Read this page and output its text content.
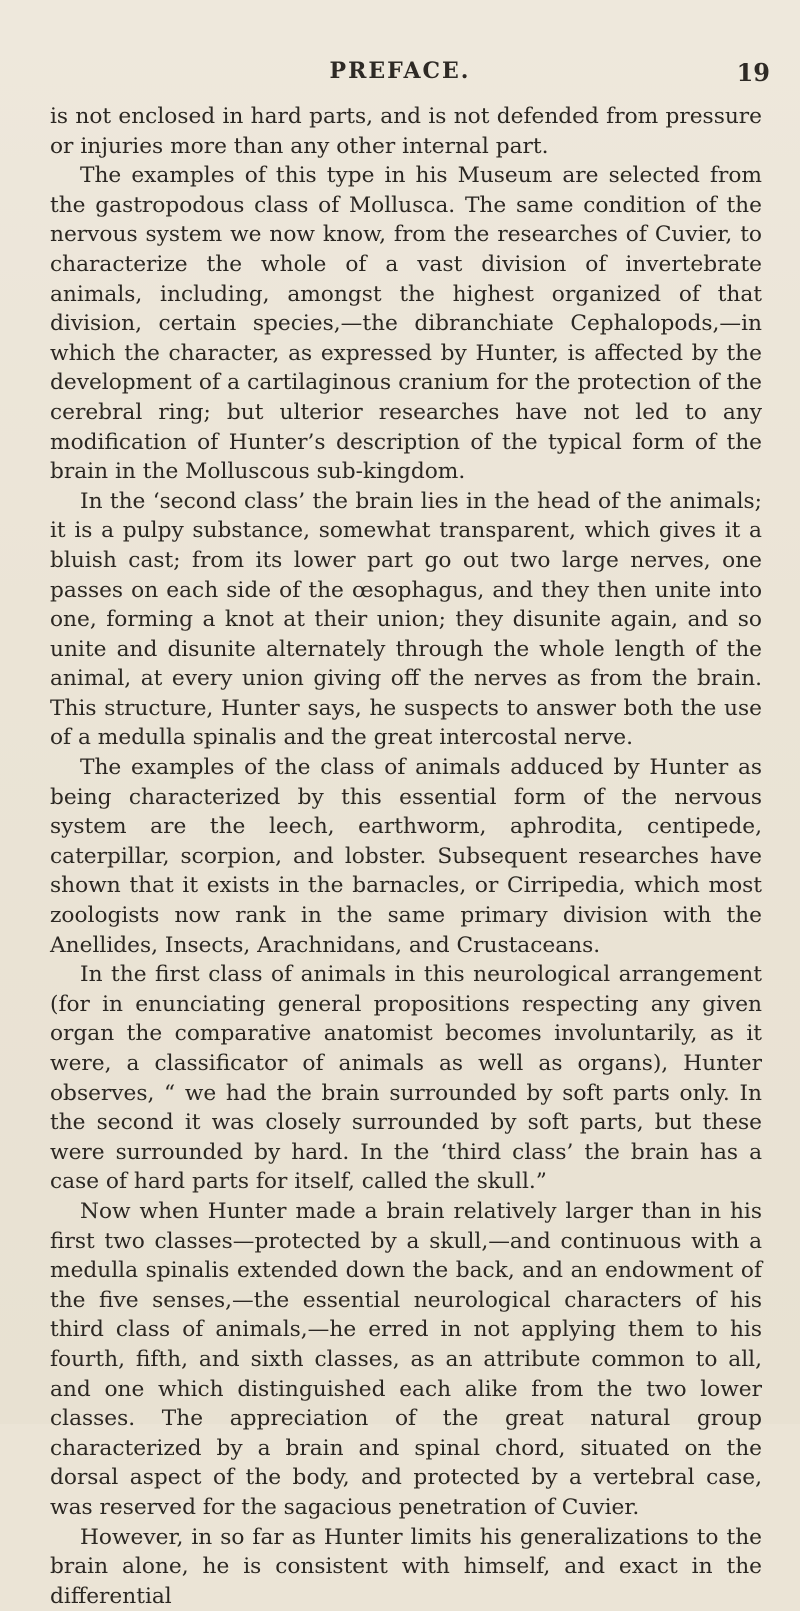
PREFACE.	19

is not enclosed in hard parts, and is not defended from pressure or injuries more than any other internal part.

The examples of this type in his Museum are selected from the gastropodous class of Mollusca. The same condition of the nervous system we now know, from the researches of Cuvier, to characterize the whole of a vast division of invertebrate animals, including, amongst the highest organized of that division, certain species,—the dibranchiate Cephalopods,—in which the character, as expressed by Hunter, is affected by the development of a cartilaginous cranium for the protection of the cerebral ring; but ulterior researches have not led to any modification of Hunter’s description of the typical form of the brain in the Molluscous sub-kingdom.

In the ‘second class’ the brain lies in the head of the animals; it is a pulpy substance, somewhat transparent, which gives it a bluish cast; from its lower part go out two large nerves, one passes on each side of the œsophagus, and they then unite into one, forming a knot at their union; they disunite again, and so unite and disunite alternately through the whole length of the animal, at every union giving off the nerves as from the brain. This structure, Hunter says, he suspects to answer both the use of a medulla spinalis and the great intercostal nerve.

The examples of the class of animals adduced by Hunter as being characterized by this essential form of the nervous system are the leech, earthworm, aphrodita, centipede, caterpillar, scorpion, and lobster. Subsequent researches have shown that it exists in the barnacles, or Cirripedia, which most zoologists now rank in the same primary division with the Anellides, Insects, Arachnidans, and Crustaceans.

In the first class of animals in this neurological arrangement (for in enunciating general propositions respecting any given organ the comparative anatomist becomes involuntarily, as it were, a classificator of animals as well as organs), Hunter observes, “ we had the brain surrounded by soft parts only. In the second it was closely surrounded by soft parts, but these were surrounded by hard. In the ‘third class’ the brain has a case of hard parts for itself, called the skull.”

Now when Hunter made a brain relatively larger than in his first two classes—protected by a skull,—and continuous with a medulla spinalis extended down the back, and an endowment of the five senses,—the essential neurological characters of his third class of animals,—he erred in not applying them to his fourth, fifth, and sixth classes, as an attribute common to all, and one which distinguished each alike from the two lower classes. The appreciation of the great natural group characterized by a brain and spinal chord, situated on the dorsal aspect of the body, and protected by a vertebral case, was reserved for the sagacious penetration of Cuvier.

However, in so far as Hunter limits his generalizations to the brain alone, he is consistent with himself, and exact in the differential
